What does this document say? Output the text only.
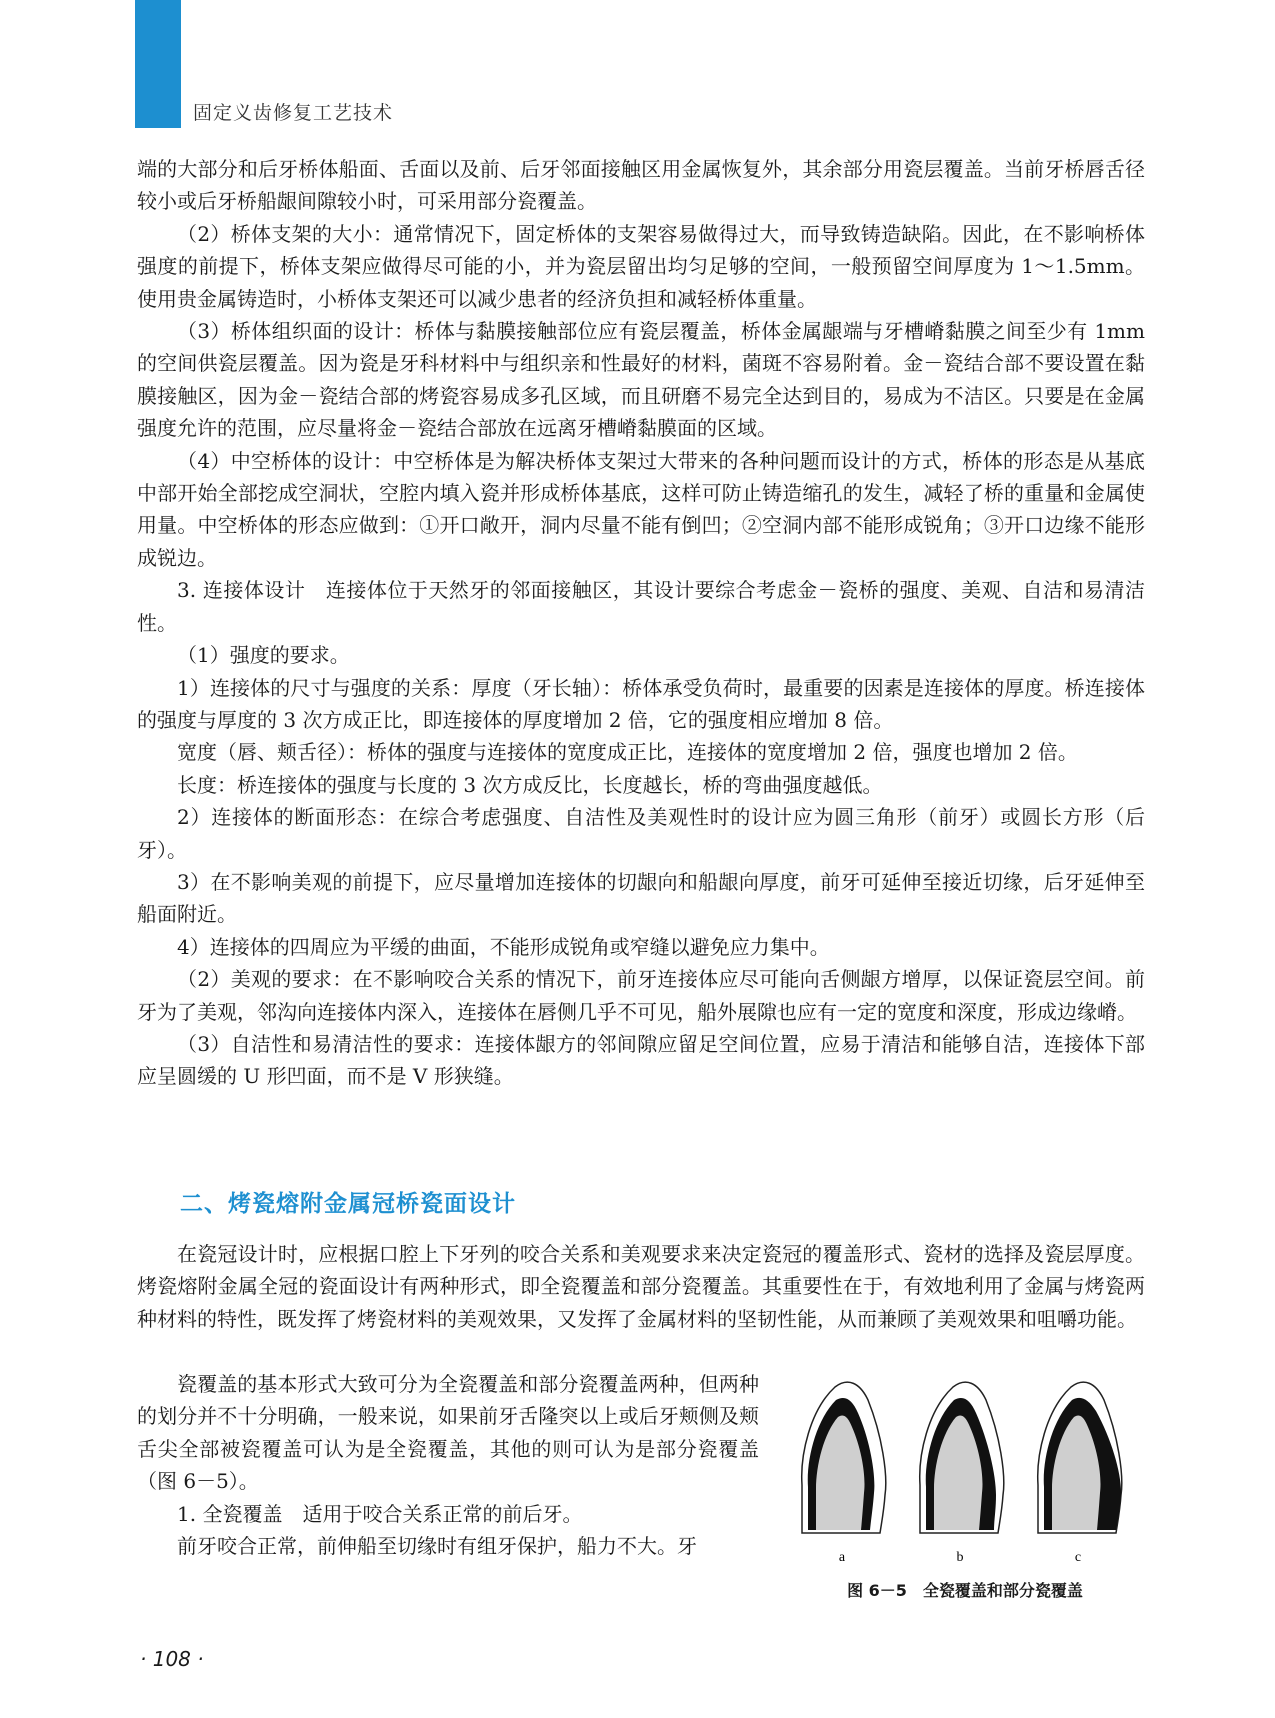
固定义齿修复工艺技术

端的大部分和后牙桥体船面、舌面以及前、后牙邻面接触区用金属恢复外，其余部分用瓷层覆盖。当前牙桥唇舌径较小或后牙桥船龈间隙较小时，可采用部分瓷覆盖。

（2）桥体支架的大小：通常情况下，固定桥体的支架容易做得过大，而导致铸造缺陷。因此，在不影响桥体强度的前提下，桥体支架应做得尽可能的小，并为瓷层留出均匀足够的空间，一般预留空间厚度为 1～1.5mm。使用贵金属铸造时，小桥体支架还可以减少患者的经济负担和减轻桥体重量。

（3）桥体组织面的设计：桥体与黏膜接触部位应有瓷层覆盖，桥体金属龈端与牙槽嵴黏膜之间至少有 1mm 的空间供瓷层覆盖。因为瓷是牙科材料中与组织亲和性最好的材料，菌斑不容易附着。金－瓷结合部不要设置在黏膜接触区，因为金－瓷结合部的烤瓷容易成多孔区域，而且研磨不易完全达到目的，易成为不洁区。只要是在金属强度允许的范围，应尽量将金－瓷结合部放在远离牙槽嵴黏膜面的区域。

（4）中空桥体的设计：中空桥体是为解决桥体支架过大带来的各种问题而设计的方式，桥体的形态是从基底中部开始全部挖成空洞状，空腔内填入瓷并形成桥体基底，这样可防止铸造缩孔的发生，减轻了桥的重量和金属使用量。中空桥体的形态应做到：①开口敞开，洞内尽量不能有倒凹；②空洞内部不能形成锐角；③开口边缘不能形成锐边。

3. 连接体设计　连接体位于天然牙的邻面接触区，其设计要综合考虑金－瓷桥的强度、美观、自洁和易清洁性。

（1）强度的要求。

1）连接体的尺寸与强度的关系：厚度（牙长轴）：桥体承受负荷时，最重要的因素是连接体的厚度。桥连接体的强度与厚度的 3 次方成正比，即连接体的厚度增加 2 倍，它的强度相应增加 8 倍。

宽度（唇、颊舌径）：桥体的强度与连接体的宽度成正比，连接体的宽度增加 2 倍，强度也增加 2 倍。

长度：桥连接体的强度与长度的 3 次方成反比，长度越长，桥的弯曲强度越低。

2）连接体的断面形态：在综合考虑强度、自洁性及美观性时的设计应为圆三角形（前牙）或圆长方形（后牙）。

3）在不影响美观的前提下，应尽量增加连接体的切龈向和船龈向厚度，前牙可延伸至接近切缘，后牙延伸至船面附近。

4）连接体的四周应为平缓的曲面，不能形成锐角或窄缝以避免应力集中。

（2）美观的要求：在不影响咬合关系的情况下，前牙连接体应尽可能向舌侧龈方增厚，以保证瓷层空间。前牙为了美观，邻沟向连接体内深入，连接体在唇侧几乎不可见，船外展隙也应有一定的宽度和深度，形成边缘嵴。

（3）自洁性和易清洁性的要求：连接体龈方的邻间隙应留足空间位置，应易于清洁和能够自洁，连接体下部应呈圆缓的 U 形凹面，而不是 V 形狭缝。

二、烤瓷熔附金属冠桥瓷面设计

在瓷冠设计时，应根据口腔上下牙列的咬合关系和美观要求来决定瓷冠的覆盖形式、瓷材的选择及瓷层厚度。烤瓷熔附金属全冠的瓷面设计有两种形式，即全瓷覆盖和部分瓷覆盖。其重要性在于，有效地利用了金属与烤瓷两种材料的特性，既发挥了烤瓷材料的美观效果，又发挥了金属材料的坚韧性能，从而兼顾了美观效果和咀嚼功能。

瓷覆盖的基本形式大致可分为全瓷覆盖和部分瓷覆盖两种，但两种的划分并不十分明确，一般来说，如果前牙舌隆突以上或后牙颊侧及颊舌尖全部被瓷覆盖可认为是全瓷覆盖，其他的则可认为是部分瓷覆盖（图 6－5）。

1. 全瓷覆盖　适用于咬合关系正常的前后牙。

前牙咬合正常，前伸船至切缘时有组牙保护，船力不大。牙	a	b	c
图 6－5　全瓷覆盖和部分瓷覆盖
· 108 ·
